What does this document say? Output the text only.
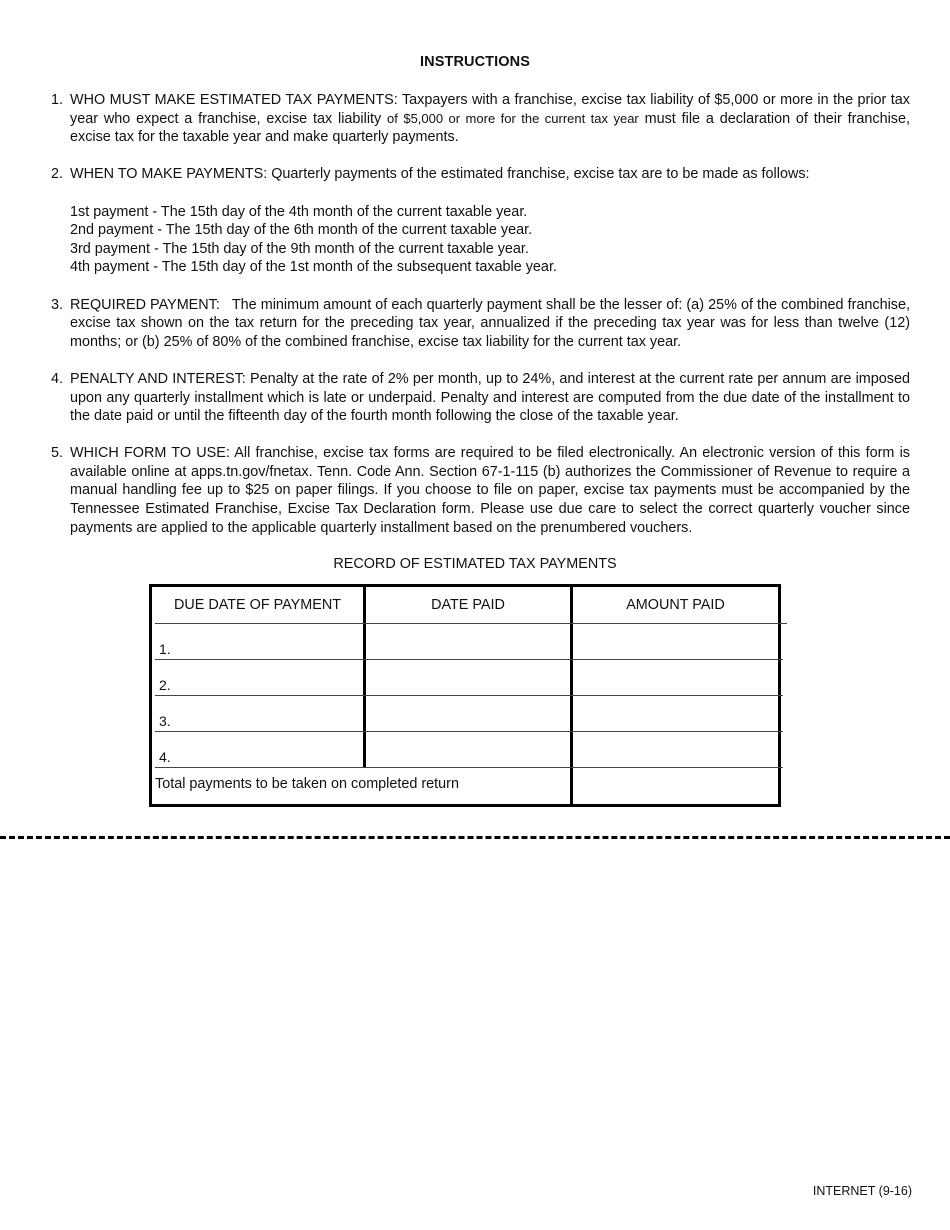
INSTRUCTIONS
1. WHO MUST MAKE ESTIMATED TAX PAYMENTS: Taxpayers with a franchise, excise tax liability of $5,000 or more in the prior tax year who expect a franchise, excise tax liability of $5,000 or more for the current tax year must file a declaration of their franchise, excise tax for the taxable year and make quarterly payments.
2. WHEN TO MAKE PAYMENTS: Quarterly payments of the estimated franchise, excise tax are to be made as follows:
1st payment - The 15th day of the 4th month of the current taxable year.
2nd payment - The 15th day of the 6th month of the current taxable year.
3rd payment - The 15th day of the 9th month of the current taxable year.
4th payment - The 15th day of the 1st month of the subsequent taxable year.
3. REQUIRED PAYMENT:   The minimum amount of each quarterly payment shall be the lesser of: (a) 25% of the combined franchise, excise tax shown on the tax return for the preceding tax year, annualized if the preceding tax year was for less than twelve (12) months; or (b) 25% of 80% of the combined franchise, excise tax liability for the current tax year.
4. PENALTY AND INTEREST: Penalty at the rate of 2% per month, up to 24%, and interest at the current rate per annum are imposed upon any quarterly installment which is late or underpaid. Penalty and interest are computed from the due date of the installment to the date paid or until the fifteenth day of the fourth month following the close of the taxable year.
5. WHICH FORM TO USE: All franchise, excise tax forms are required to be filed electronically. An electronic version of this form is available online at apps.tn.gov/fnetax. Tenn. Code Ann. Section 67-1-115 (b) authorizes the Commissioner of Revenue to require a manual handling fee up to $25 on paper filings. If you choose to file on paper, excise tax payments must be accompanied by the Tennessee Estimated Franchise, Excise Tax Declaration form. Please use due care to select the correct quarterly voucher since payments are applied to the applicable quarterly installment based on the prenumbered vouchers.
RECORD OF ESTIMATED TAX PAYMENTS
DUE DATE OF PAYMENT	DATE PAID	AMOUNT PAID
1.
2.
3.
4.
Total payments to be taken on completed return
INTERNET (9-16)
